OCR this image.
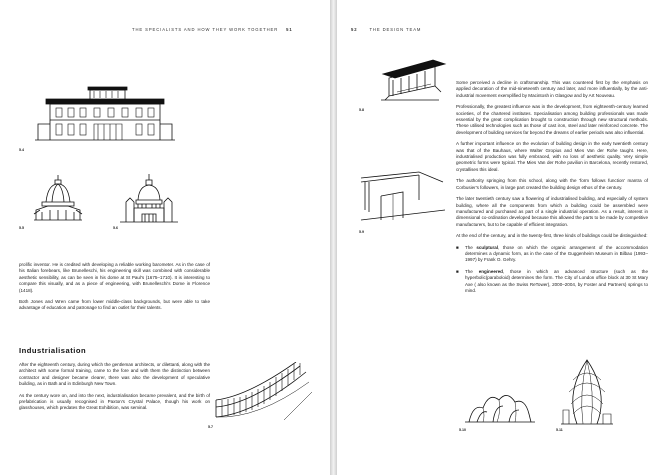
THE SPECIALISTS AND HOW THEY WORK TOGETHER 51
5.4
5.5	5.6

prolific inventor. He is credited with developing a reliable working barometer. As in the case of his Italian forebears, like Brunelleschi, his engineering skill was combined with considerable aesthetic sensibility, as can be seen in his dome at St Paul's (1675–1710). It is interesting to compare this visually, and as a piece of engineering, with Brunelleschi's Dome in Florence (1418).

Both Jones and Wren came from lower middle-class backgrounds, but were able to take advantage of education and patronage to find an outlet for their talents.

Industrialisation

After the eighteenth century, during which the gentleman architects, or dilettanti, along with the architect with some formal training, came to the fore and with them the distinction between contractor and designer became clearer, there was also the development of speculative building, as in Bath and in Edinburgh New Town.

As the century wore on, and into the next, industrialisation became prevalent, and the birth of prefabrication is usually recognised in Paxton's Crystal Palace, though his work on glasshouses, which predates the Great Exhibition, was seminal.

5.7
52	THE DESIGN TEAM
5.8
5.9

Some perceived a decline in craftsmanship. This was countered first by the emphasis on applied decoration of the mid-nineteenth century and later, and more influentially, by the anti-industrial movement exemplified by Macintosh in Glasgow and by Art Nouveau.

Professionally, the greatest influence was in the development, from eighteenth-century learned societies, of the chartered institutes. Specialisation among building professionals was made essential by the great complication brought to construction through new structural methods. These utilised technologies such as those of cast iron, steel and later reinforced concrete. The development of building services far beyond the dreams of earlier periods was also influential.

A further important influence on the evolution of building design in the early twentieth century was that of the Bauhaus, where Walter Gropius and Mies Van der Rohe taught. Here, industrialised production was fully embraced, with no loss of aesthetic quality. Very simple geometric forms were typical. The Mies Van der Rohe pavilion in Barcelona, recently restored, crystallises this ideal.

The authority springing from this school, along with the 'form follows function' mantra of Corbusier's followers, in large part created the building design ethos of the century.

The later twentieth century saw a flowering of industrialised building, and especially of system building, where all the components from which a building could be assembled were manufactured and purchased as part of a single industrial operation. As a result, interest in dimensional co-ordination developed because this allowed the parts to be made by competitive manufacturers, but to be capable of efficient integration.

At the end of the century, and in the twenty-first, three kinds of buildings could be distinguished:

■ The sculptural, those on which the organic arrangement of the accommodation determines a dynamic form, as in the case of the Guggenheim Museum in Bilbao (1993–1997) by Frank O. Gehry.
■ The engineered, those in which an advanced structure (such as the hyperbolic(paraboloid) determines the form. The City of London office block at 30 St Mary Axe ( also known as the Swiss ReTower), 2000–2004, by Foster and Partners) springs to mind.
5.10	5.11
